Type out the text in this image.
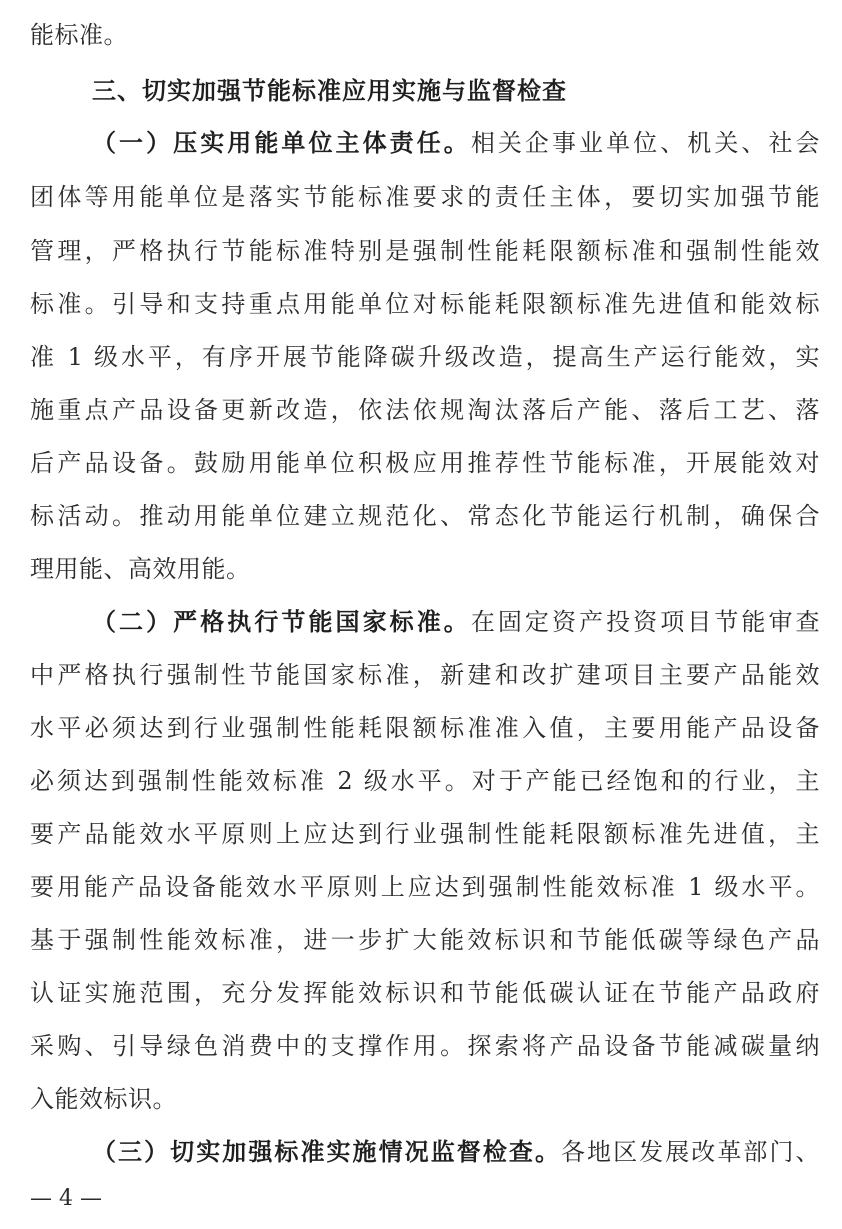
能标准。
三、切实加强节能标准应用实施与监督检查
（一）压实用能单位主体责任。相关企事业单位、机关、社会
团体等用能单位是落实节能标准要求的责任主体，要切实加强节能
管理，严格执行节能标准特别是强制性能耗限额标准和强制性能效
标准。引导和支持重点用能单位对标能耗限额标准先进值和能效标
准 1 级水平，有序开展节能降碳升级改造，提高生产运行能效，实
施重点产品设备更新改造，依法依规淘汰落后产能、落后工艺、落
后产品设备。鼓励用能单位积极应用推荐性节能标准，开展能效对
标活动。推动用能单位建立规范化、常态化节能运行机制，确保合
理用能、高效用能。
（二）严格执行节能国家标准。在固定资产投资项目节能审查
中严格执行强制性节能国家标准，新建和改扩建项目主要产品能效
水平必须达到行业强制性能耗限额标准准入值，主要用能产品设备
必须达到强制性能效标准 2 级水平。对于产能已经饱和的行业，主
要产品能效水平原则上应达到行业强制性能耗限额标准先进值，主
要用能产品设备能效水平原则上应达到强制性能效标准 1 级水平。
基于强制性能效标准，进一步扩大能效标识和节能低碳等绿色产品
认证实施范围，充分发挥能效标识和节能低碳认证在节能产品政府
采购、引导绿色消费中的支撑作用。探索将产品设备节能减碳量纳
入能效标识。
（三）切实加强标准实施情况监督检查。各地区发展改革部门、
— 4 —
